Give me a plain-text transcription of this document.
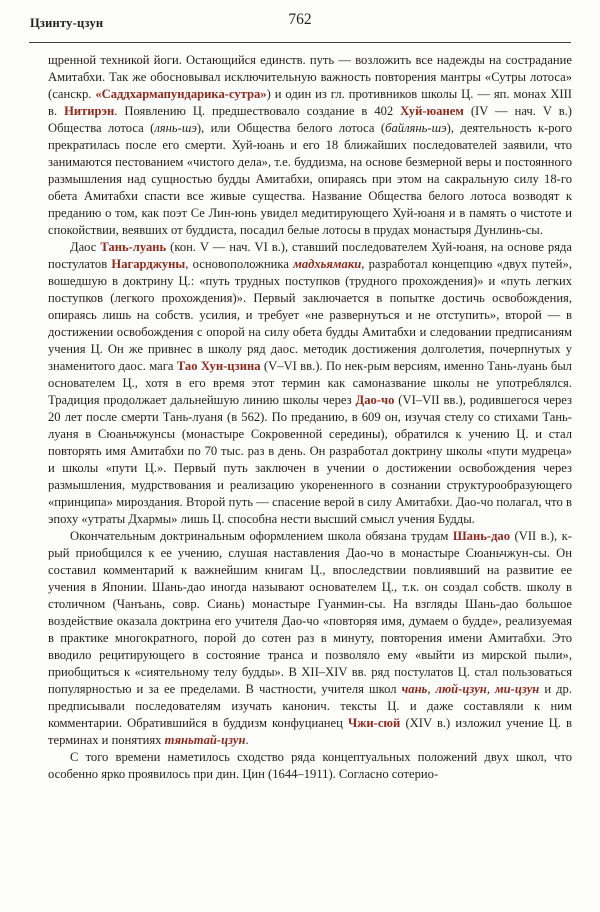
Цзинту-цзун	762

щренной техникой йоги. Остающийся единств. путь — возложить все надежды на сострадание Амитабхи. Так же обосновывал исключительную важность повторения мантры «Сутры лотоса» (санскр. «Саддхармапундарика-сутра») и один из гл. противников школы Ц. — яп. монах XIII в. Нитирэн. Появлению Ц. предшествовало создание в 402 Хуй-юанем (IV — нач. V в.) Общества лотоса (лянь-шэ), или Общества белого лотоса (байлянь-шэ), деятельность к-рого прекратилась после его смерти. Хуй-юань и его 18 ближайших последователей заявили, что занимаются пестованием «чистого дела», т.е. буддизма, на основе безмерной веры и постоянного размышления над сущностью будды Амитабхи, опираясь при этом на сакральную силу 18-го обета Амитабхи спасти все живые существа. Название Общества белого лотоса возводят к преданию о том, как поэт Се Лин-юнь увидел медитирующего Хуй-юаня и в память о чистоте и спокойствии, веявших от буддиста, посадил белые лотосы в прудах монастыря Дунлинь-сы.

Даос Тань-луань (кон. V — нач. VI в.), ставший последователем Хуй-юаня, на основе ряда постулатов Нагарджуны, основоположника мадхьямаки, разработал концепцию «двух путей», вошедшую в доктрину Ц.: «путь трудных поступков (трудного прохождения)» и «путь легких поступков (легкого прохождения)». Первый заключается в попытке достичь освобождения, опираясь лишь на собств. усилия, и требует «не развернуться и не отступить», второй — в достижении освобождения с опорой на силу обета будды Амитабхи и следовании предписаниям учения Ц. Он же привнес в школу ряд даос. методик достижения долголетия, почерпнутых у знаменитого даос. мага Тао Хун-цзина (V–VI вв.). По нек-рым версиям, именно Тань-луань был основателем Ц., хотя в его время этот термин как самоназвание школы не употреблялся. Традиция продолжает дальнейшую линию школы через Дао-чо (VI–VII вв.), родившегося через 20 лет после смерти Тань-луаня (в 562). По преданию, в 609 он, изучая стелу со стихами Тань-луаня в Сюаньчжунсы (монастыре Сокровенной середины), обратился к учению Ц. и стал повторять имя Амитабхи по 70 тыс. раз в день. Он разработал доктрину школы «пути мудреца» и школы «пути Ц.». Первый путь заключен в учении о достижении освобождения через размышления, мудрствования и реализацию укорененного в сознании структурообразующего «принципа» мироздания. Второй путь — спасение верой в силу Амитабхи. Дао-чо полагал, что в эпоху «утраты Дхармы» лишь Ц. способна нести высший смысл учения Будды.

Окончательным доктринальным оформлением школа обязана трудам Шань-дао (VII в.), к-рый приобщился к ее учению, слушая наставления Дао-чо в монастыре Сюаньчжун-сы. Он составил комментарий к важнейшим книгам Ц., впоследствии повлиявший на развитие ее учения в Японии. Шань-дао иногда называют основателем Ц., т.к. он создал собств. школу в столичном (Чанъань, совр. Сиань) монастыре Гуанмин-сы. На взгляды Шань-дао большое воздействие оказала доктрина его учителя Дао-чо «повторяя имя, думаем о будде», реализуемая в практике многократного, порой до сотен раз в минуту, повторения имени Амитабхи. Это вводило рецитирующего в состояние транса и позволяло ему «выйти из мирской пыли», приобщиться к «сиятельному телу будды». В XII–XIV вв. ряд постулатов Ц. стал пользоваться популярностью и за ее пределами. В частности, учителя школ чань, люй-цзун, ми-цзун и др. предписывали последователям изучать канонич. тексты Ц. и даже составляли к ним комментарии. Обратившийся в буддизм конфуцианец Чжи-сюй (XIV в.) изложил учение Ц. в терминах и понятиях тяньтай-цзун.

С того времени наметилось сходство ряда концептуальных положений двух школ, что особенно ярко проявилось при дин. Цин (1644–1911). Согласно сотерио-
